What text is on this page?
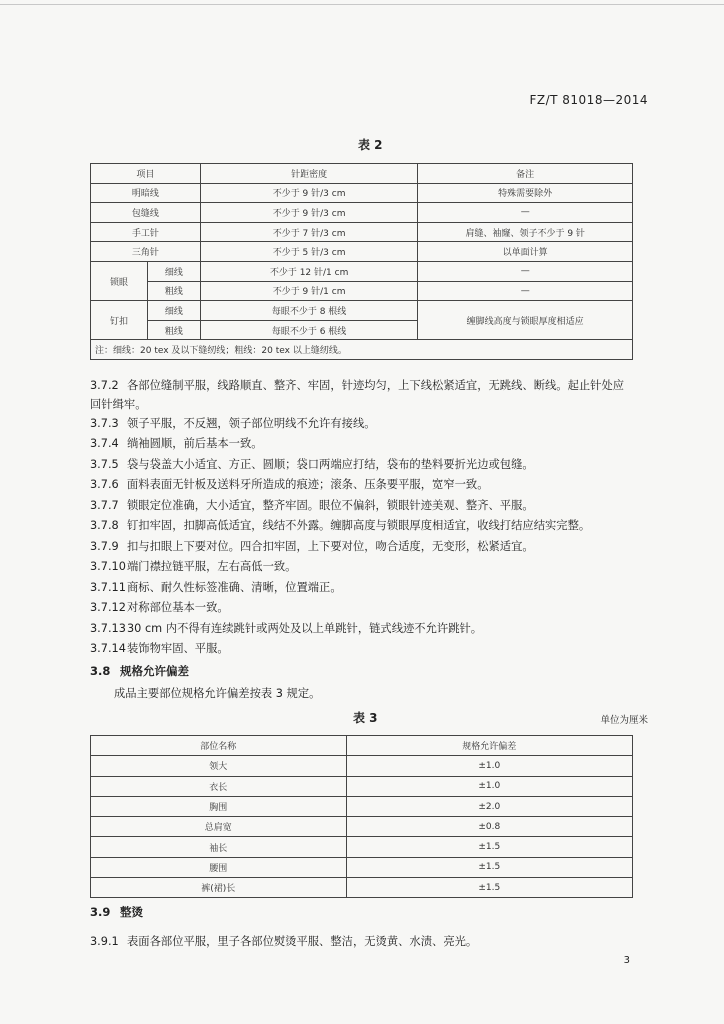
FZ/T 81018—2014
表 2
项目		针距密度	备注
明暗线		不少于 9 针/3 cm	特殊需要除外
包缝线		不少于 9 针/3 cm	—
手工针		不少于 7 针/3 cm	肩缝、袖窿、领子不少于 9 针
三角针		不少于 5 针/3 cm	以单面计算
锁眼	细线	不少于 12 针/1 cm	—
	粗线	不少于 9 针/1 cm	—
钉扣	细线	每眼不少于 8 根线	缠脚线高度与锁眼厚度相适应
	粗线	每眼不少于 6 根线	
注：细线：20 tex 及以下缝纫线；粗线：20 tex 以上缝纫线。			
3.7.2 各部位缝制平服，线路顺直、整齐、牢固，针迹均匀，上下线松紧适宜，无跳线、断线。起止针处应
回针缉牢。
3.7.3 领子平服，不反翘，领子部位明线不允许有接线。
3.7.4 绱袖圆顺，前后基本一致。
3.7.5 袋与袋盖大小适宜、方正、圆顺；袋口两端应打结，袋布的垫料要折光边或包缝。
3.7.6 面料表面无针板及送料牙所造成的痕迹；滚条、压条要平服，宽窄一致。
3.7.7 锁眼定位准确，大小适宜，整齐牢固。眼位不偏斜，锁眼针迹美观、整齐、平服。
3.7.8 钉扣牢固，扣脚高低适宜，线结不外露。缠脚高度与锁眼厚度相适宜，收线打结应结实完整。
3.7.9 扣与扣眼上下要对位。四合扣牢固，上下要对位，吻合适度，无变形，松紧适宜。
3.7.10端门襟拉链平服，左右高低一致。
3.7.11商标、耐久性标签准确、清晰，位置端正。
3.7.12对称部位基本一致。
3.7.1330 cm 内不得有连续跳针或两处及以上单跳针，链式线迹不允许跳针。
3.7.14装饰物牢固、平服。
3.8 规格允许偏差
成品主要部位规格允许偏差按表 3 规定。
表 3	单位为厘米
部位名称	规格允许偏差
领大	±1.0
衣长	±1.0
胸围	±2.0
总肩宽	±0.8
袖长	±1.5
腰围	±1.5
裤(裙)长	±1.5
3.9 整烫
3.9.1 表面各部位平服，里子各部位熨烫平服、整洁，无烫黄、水渍、亮光。
3
